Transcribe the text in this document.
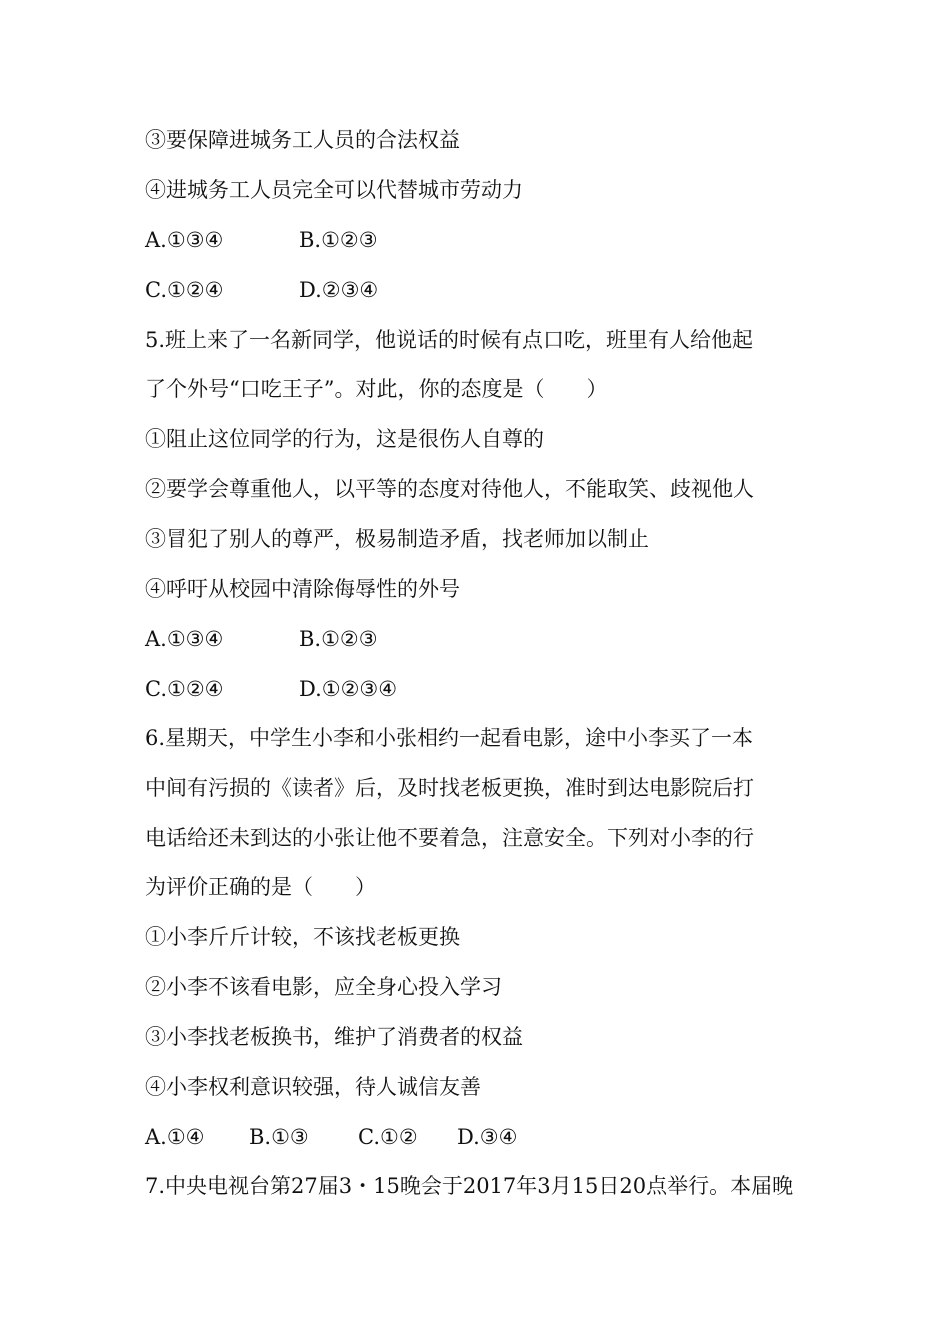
③要保障进城务工人员的合法权益
④进城务工人员完全可以代替城市劳动力
A.①③④	B.①②③
C.①②④	D.②③④
5.班上来了一名新同学，他说话的时候有点口吃，班里有人给他起
了个外号“口吃王子”。对此，你的态度是（　　）
①阻止这位同学的行为，这是很伤人自尊的
②要学会尊重他人，以平等的态度对待他人，不能取笑、歧视他人
③冒犯了别人的尊严，极易制造矛盾，找老师加以制止
④呼吁从校园中清除侮辱性的外号
A.①③④	B.①②③
C.①②④	D.①②③④
6.星期天，中学生小李和小张相约一起看电影，途中小李买了一本
中间有污损的《读者》后，及时找老板更换，准时到达电影院后打
电话给还未到达的小张让他不要着急，注意安全。下列对小李的行
为评价正确的是（　　）
①小李斤斤计较，不该找老板更换
②小李不该看电影，应全身心投入学习
③小李找老板换书，维护了消费者的权益
④小李权利意识较强，待人诚信友善
A.①④ B.①③ C.①② D.③④
7.中央电视台第27届3・15晚会于2017年3月15日20点举行。本届晚
